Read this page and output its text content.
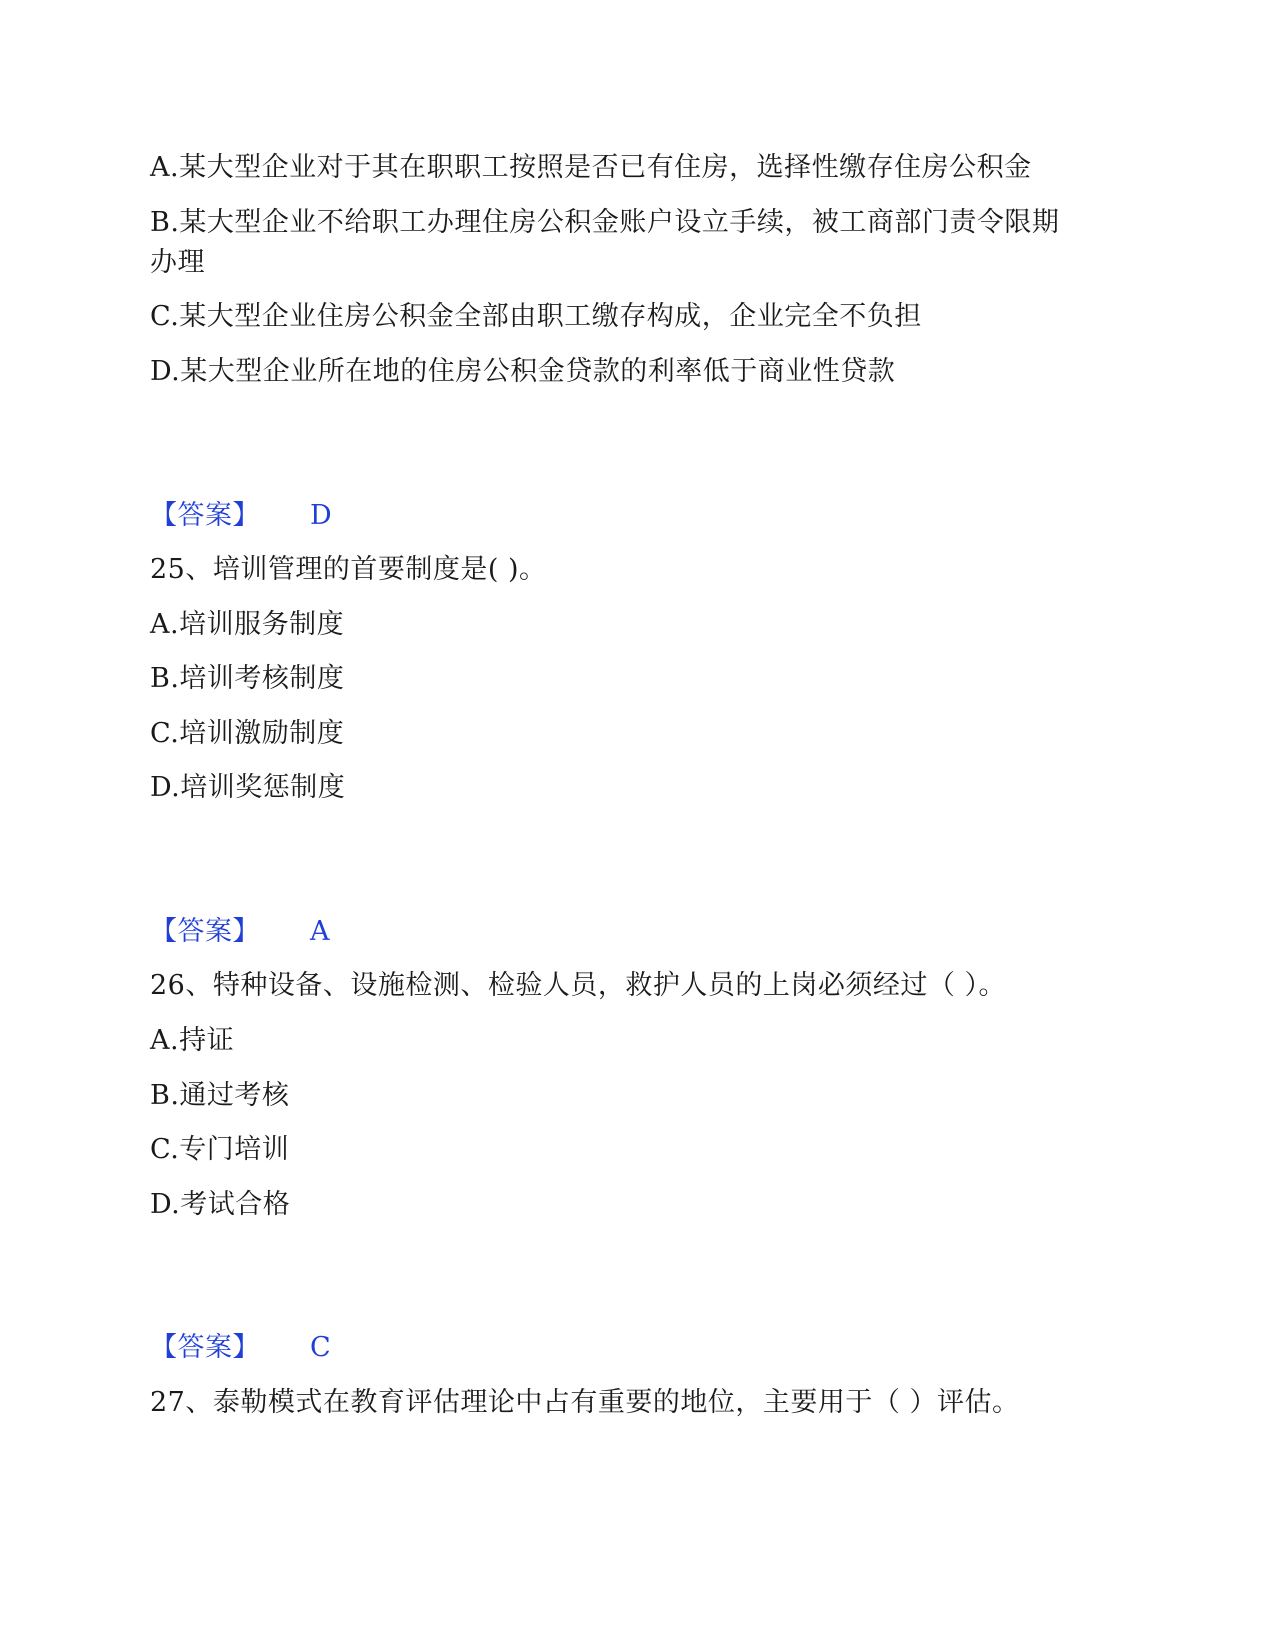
A.某大型企业对于其在职职工按照是否已有住房，选择性缴存住房公积金
B.某大型企业不给职工办理住房公积金账户设立手续，被工商部门责令限期
办理
C.某大型企业住房公积金全部由职工缴存构成，企业完全不负担
D.某大型企业所在地的住房公积金贷款的利率低于商业性贷款
【答案】 D
25、培训管理的首要制度是( )。
A.培训服务制度
B.培训考核制度
C.培训激励制度
D.培训奖惩制度
【答案】 A
26、特种设备、设施检测、检验人员，救护人员的上岗必须经过（ ）。
A.持证
B.通过考核
C.专门培训
D.考试合格
【答案】 C
27、泰勒模式在教育评估理论中占有重要的地位，主要用于（ ）评估。
